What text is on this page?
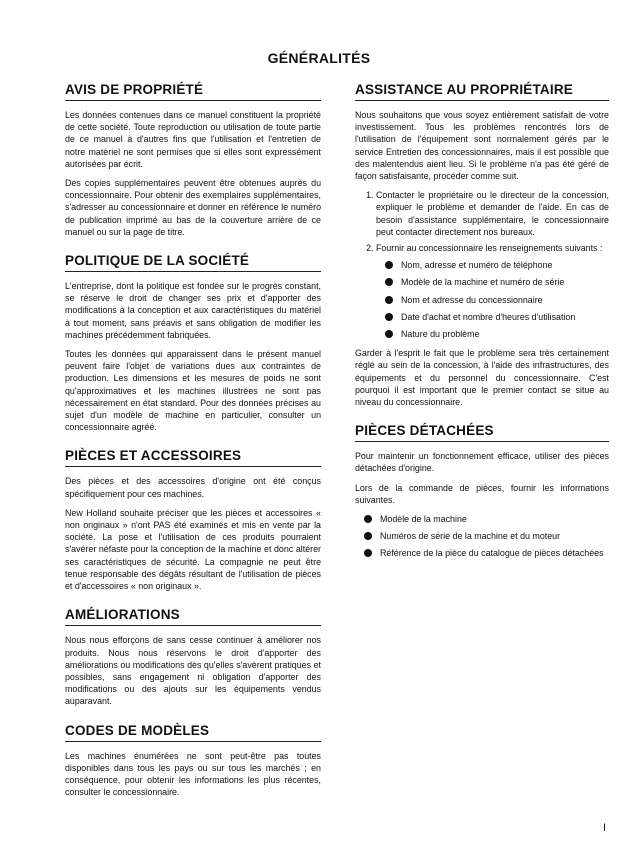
GÉNÉRALITÉS
AVIS DE PROPRIÉTÉ

Les données contenues dans ce manuel constituent la propriété de cette société. Toute reproduction ou utilisation de toute partie de ce manuel à d'autres fins que l'utilisation et l'entretien de notre matériel ne sont permises que si elles sont expressément autorisées par écrit.

Des copies supplémentaires peuvent être obtenues auprès du concessionnaire. Pour obtenir des exemplaires supplémentaires, s'adresser au concessionnaire et donner en référence le numéro de publication imprimé au bas de la couverture arrière de ce manuel ou sur la page de titre.

POLITIQUE DE LA SOCIÉTÉ

L'entreprise, dont la politique est fondée sur le progrès constant, se réserve le droit de changer ses prix et d'apporter des modifications à la conception et aux caractéristiques du matériel à tout moment, sans préavis et sans obligation de modifier les machines précédemment fabriquées.

Toutes les données qui apparaissent dans le présent manuel peuvent faire l'objet de variations dues aux contraintes de production. Les dimensions et les mesures de poids ne sont qu'approximatives et les machines illustrées ne sont pas nécessairement en état standard. Pour des données précises au sujet d'un modèle de machine en particulier, consulter un concessionnaire agréé.

PIÈCES ET ACCESSOIRES

Des pièces et des accessoires d'origine ont été conçus spécifiquement pour ces machines.

New Holland souhaite préciser que les pièces et accessoires « non originaux » n'ont PAS été examinés et mis en vente par la société. La pose et l'utilisation de ces produits pourraient s'avérer néfaste pour la conception de la machine et donc altérer ses caractéristiques de sécurité. La compagnie ne peut être tenue responsable des dégâts résultant de l'utilisation de pièces et d'accessoires « non originaux ».

AMÉLIORATIONS

Nous nous efforçons de sans cesse continuer à améliorer nos produits. Nous nous réservons le droit d'apporter des améliorations ou modifications dès qu'elles s'avèrent pratiques et possibles, sans engagement ni obligation d'apporter des modifications ou des ajouts sur les équipements vendus auparavant.

CODES DE MODÈLES

Les machines énumérées ne sont peut-être pas toutes disponibles dans tous les pays ou sur tous les marchés ; en conséquence, pour obtenir les informations les plus récentes, consulter le concessionnaire.

ASSISTANCE AU PROPRIÉTAIRE

Nous souhaitons que vous soyez entièrement satisfait de votre investissement. Tous les problèmes rencontrés lors de l'utilisation de l'équipement sont normalement gérés par le service Entretien des concessionnaires, mais il est possible que des malentendus aient lieu. Si le problème n'a pas été géré de façon satisfaisante, procéder comme suit.

1. Contacter le propriétaire ou le directeur de la concession, expliquer le problème et demander de l'aide. En cas de besoin d'assistance supplémentaire, le concessionnaire peut contacter directement nos bureaux.
2. Fournir au concessionnaire les renseignements suivants :
Nom, adresse et numéro de téléphone
Modèle de la machine et numéro de série
Nom et adresse du concessionnaire
Date d'achat et nombre d'heures d'utilisation
Nature du problème

Garder à l'esprit le fait que le problème sera très certainement réglé au sein de la concession, à l'aide des infrastructures, des équipements et du personnel du concessionnaire. C'est pourquoi il est important que le premier contact se situe au niveau du concessionnaire.

PIÈCES DÉTACHÉES

Pour maintenir un fonctionnement efficace, utiliser des pièces détachées d'origine.

Lors de la commande de pièces, fournir les informations suivantes.

Modèle de la machine
Numéros de série de la machine et du moteur
Référence de la pièce du catalogue de pièces détachées

I
